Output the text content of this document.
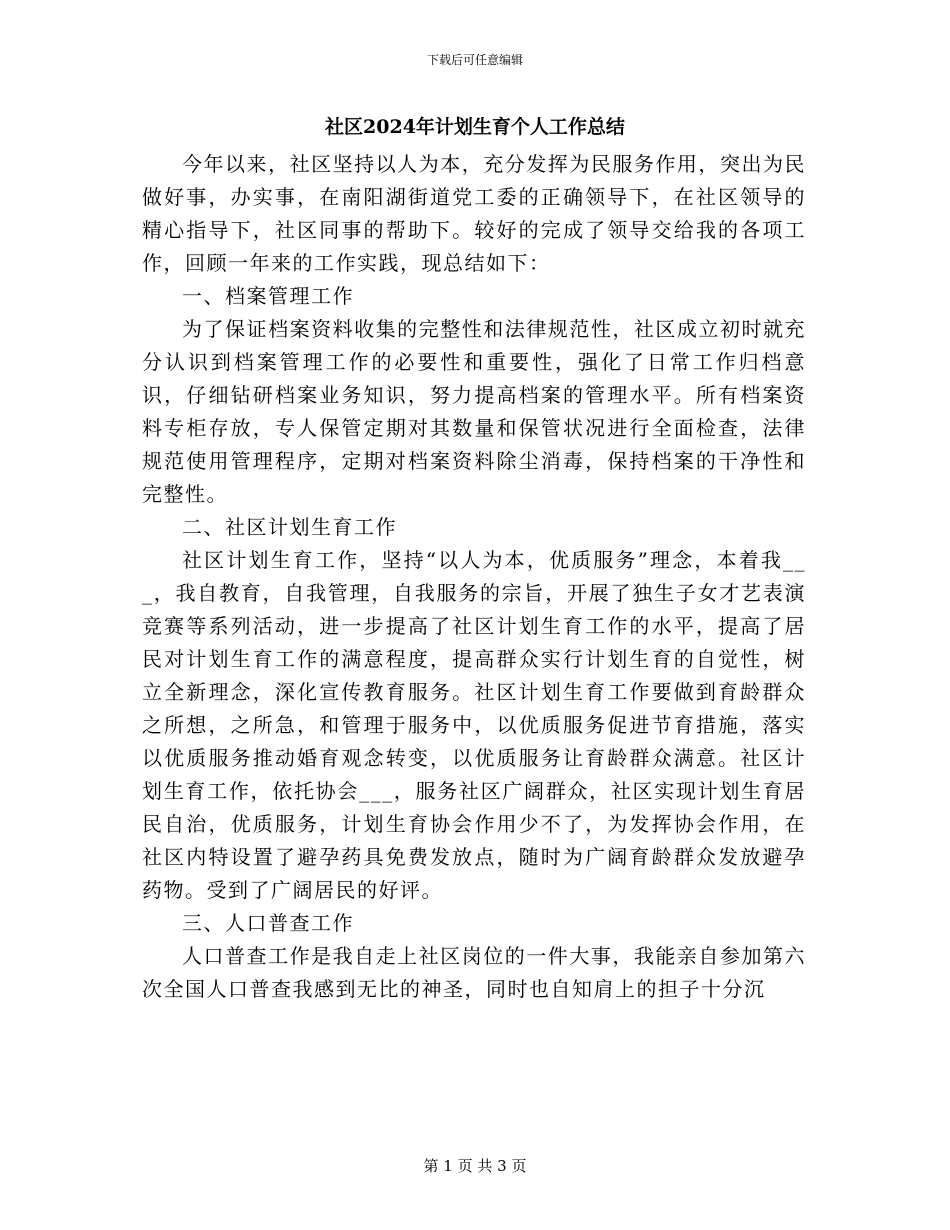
下载后可任意编辑
社区2024年计划生育个人工作总结

今年以来，社区坚持以人为本，充分发挥为民服务作用，突出为民做好事，办实事，在南阳湖街道党工委的正确领导下，在社区领导的精心指导下，社区同事的帮助下。较好的完成了领导交给我的各项工作，回顾一年来的工作实践，现总结如下：

一、档案管理工作

为了保证档案资料收集的完整性和法律规范性，社区成立初时就充分认识到档案管理工作的必要性和重要性，强化了日常工作归档意识，仔细钻研档案业务知识，努力提高档案的管理水平。所有档案资料专柜存放，专人保管定期对其数量和保管状况进行全面检查，法律规范使用管理程序，定期对档案资料除尘消毒，保持档案的干净性和完整性。

二、社区计划生育工作

社区计划生育工作，坚持“以人为本，优质服务”理念，本着我___，我自教育，自我管理，自我服务的宗旨，开展了独生子女才艺表演竞赛等系列活动，进一步提高了社区计划生育工作的水平，提高了居民对计划生育工作的满意程度，提高群众实行计划生育的自觉性，树立全新理念，深化宣传教育服务。社区计划生育工作要做到育龄群众之所想，之所急，和管理于服务中，以优质服务促进节育措施，落实以优质服务推动婚育观念转变，以优质服务让育龄群众满意。社区计划生育工作，依托协会___，服务社区广阔群众，社区实现计划生育居民自治，优质服务，计划生育协会作用少不了，为发挥协会作用，在社区内特设置了避孕药具免费发放点，随时为广阔育龄群众发放避孕药物。受到了广阔居民的好评。

三、人口普查工作

人口普查工作是我自走上社区岗位的一件大事，我能亲自参加第六次全国人口普查我感到无比的神圣，同时也自知肩上的担子十分沉

第 1 页 共 3 页
